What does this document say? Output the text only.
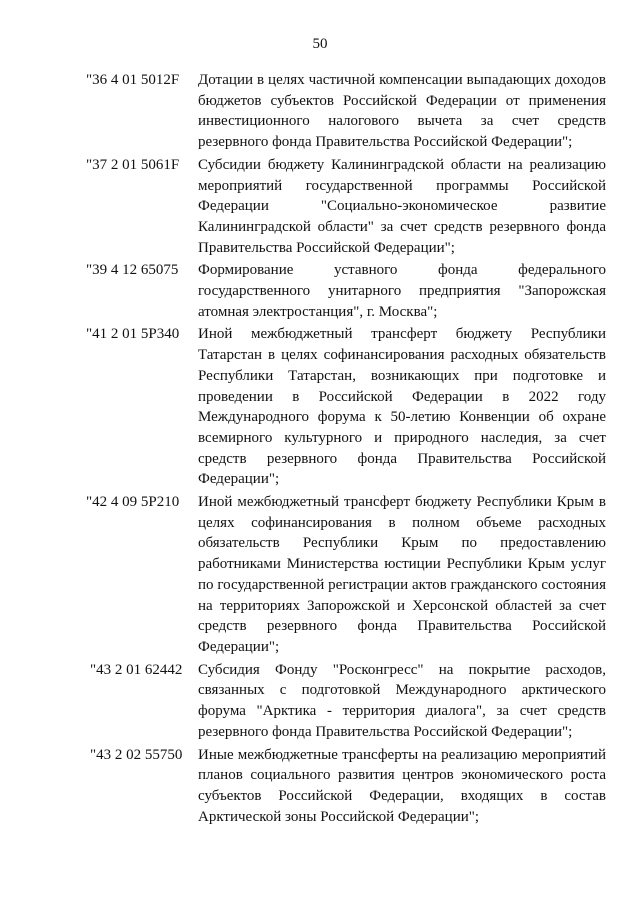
50
"36 4 01 5012F	Дотации в целях частичной компенсации выпадающих доходов бюджетов субъектов Российской Федерации от применения инвестиционного налогового вычета за счет средств резервного фонда Правительства Российской Федерации";
"37 2 01 5061F	Субсидии бюджету Калининградской области на реализацию мероприятий государственной программы Российской Федерации "Социально-экономическое развитие Калининградской области" за счет средств резервного фонда Правительства Российской Федерации";
"39 4 12 65075	Формирование уставного фонда федерального государственного унитарного предприятия "Запорожская атомная электростанция", г. Москва";
"41 2 01 5Р340	Иной межбюджетный трансферт бюджету Республики Татарстан в целях софинансирования расходных обязательств Республики Татарстан, возникающих при подготовке и проведении в Российской Федерации в 2022 году Международного форума к 50-летию Конвенции об охране всемирного культурного и природного наследия, за счет средств резервного фонда Правительства Российской Федерации";
"42 4 09 5Р210	Иной межбюджетный трансферт бюджету Республики Крым в целях софинансирования в полном объеме расходных обязательств Республики Крым по предоставлению работниками Министерства юстиции Республики Крым услуг по государственной регистрации актов гражданского состояния на территориях Запорожской и Херсонской областей за счет средств резервного фонда Правительства Российской Федерации";
"43 2 01 62442	Субсидия Фонду "Росконгресс" на покрытие расходов, связанных с подготовкой Международного арктического форума "Арктика - территория диалога", за счет средств резервного фонда Правительства Российской Федерации";
"43 2 02 55750	Иные межбюджетные трансферты на реализацию мероприятий планов социального развития центров экономического роста субъектов Российской Федерации, входящих в состав Арктической зоны Российской Федерации";
